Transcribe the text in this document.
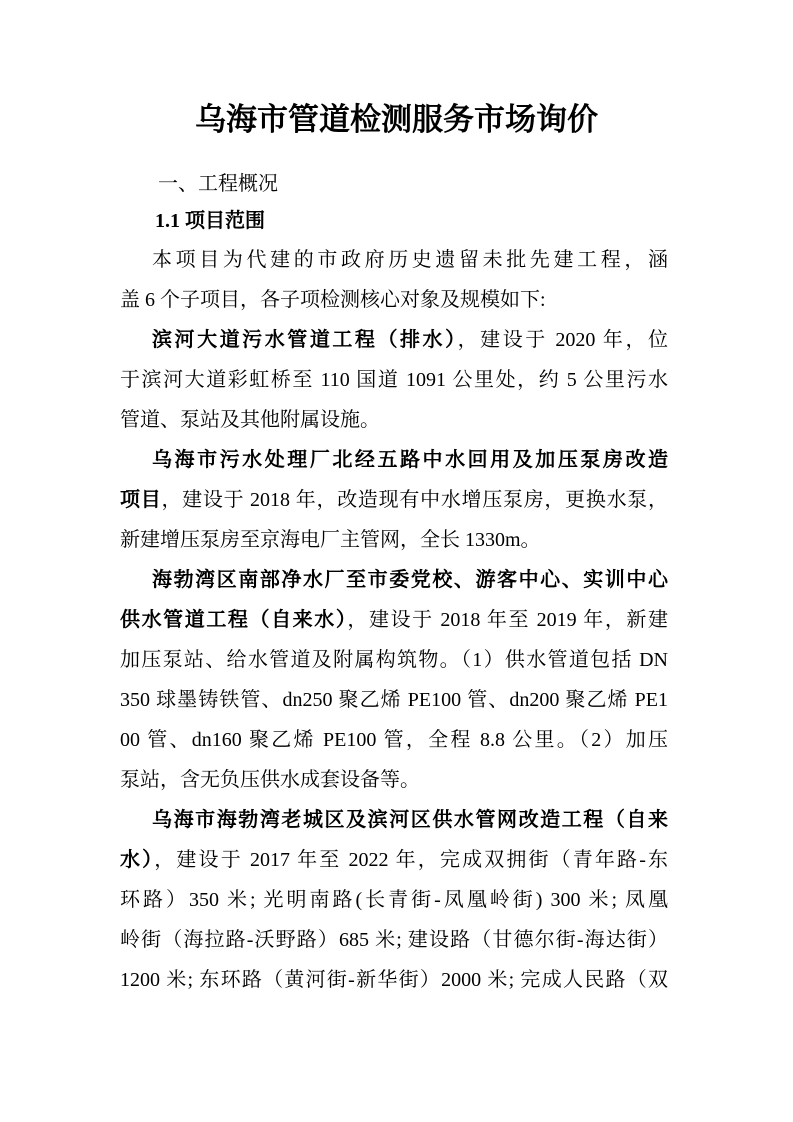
乌海市管道检测服务市场询价
一、工程概况
1.1 项目范围
本项目为代建的市政府历史遗留未批先建工程，涵
盖 6 个子项目，各子项检测核心对象及规模如下:
滨河大道污水管道工程（排水），建设于 2020 年，位
于滨河大道彩虹桥至 110 国道 1091 公里处，约 5 公里污水
管道、泵站及其他附属设施。
乌海市污水处理厂北经五路中水回用及加压泵房改造
项目，建设于 2018 年，改造现有中水增压泵房，更换水泵，
新建增压泵房至京海电厂主管网，全长 1330m。
海勃湾区南部净水厂至市委党校、游客中心、实训中心
供水管道工程（自来水），建设于 2018 年至 2019 年，新建
加压泵站、给水管道及附属构筑物。（1）供水管道包括 DN
350 球墨铸铁管、dn250 聚乙烯 PE100 管、dn200 聚乙烯 PE1
00 管、dn160 聚乙烯 PE100 管，全程 8.8 公里。（2）加压
泵站，含无负压供水成套设备等。
乌海市海勃湾老城区及滨河区供水管网改造工程（自来
水），建设于 2017 年至 2022 年，完成双拥街（青年路-东
环路）350 米; 光明南路(长青街-凤凰岭街) 300 米; 凤凰
岭街（海拉路-沃野路）685 米; 建设路（甘德尔街-海达街）
1200 米; 东环路（黄河街-新华街）2000 米; 完成人民路（双
